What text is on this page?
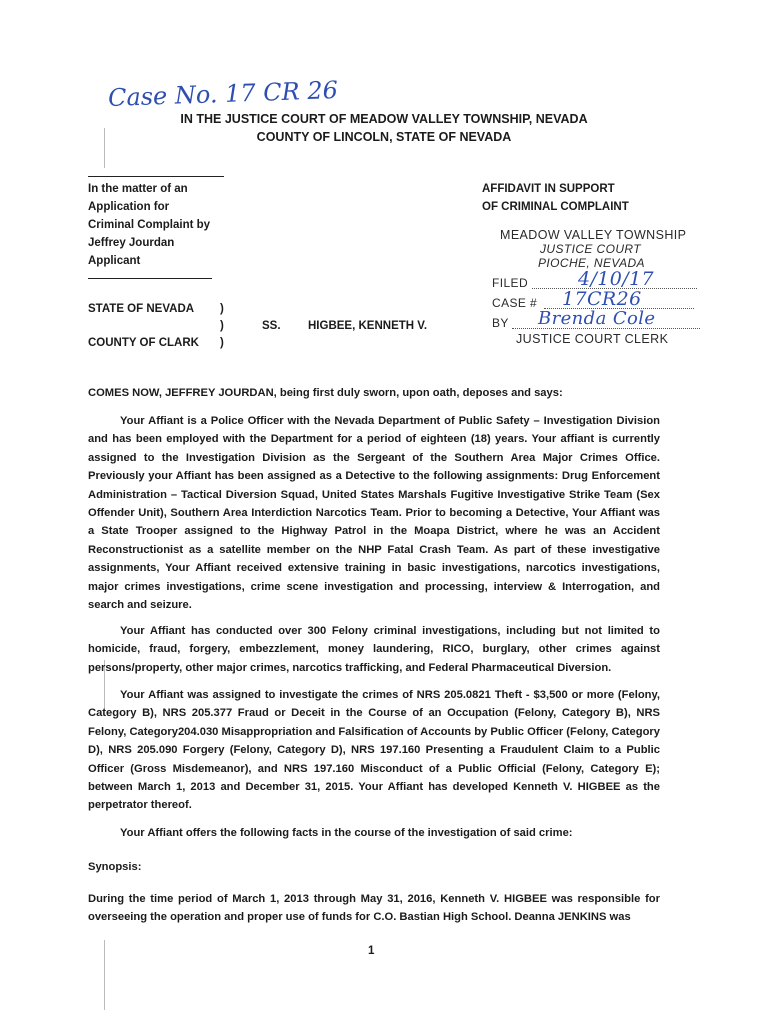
Case No. 17 CR 26
IN THE JUSTICE COURT OF MEADOW VALLEY TOWNSHIP, NEVADA
COUNTY OF LINCOLN, STATE OF NEVADA
In the matter of an
Application for
Criminal Complaint by
Jeffrey Jourdan
Applicant
AFFIDAVIT IN SUPPORT
OF CRIMINAL COMPLAINT
MEADOW VALLEY TOWNSHIP
JUSTICE COURT
PIOCHE, NEVADA
FILED	4/10/17
CASE # 17CR26
BY Brenda Cole
JUSTICE COURT CLERK
STATE OF NEVADA
COUNTY OF CLARK
)
)
)
SS. HIGBEE, KENNETH V.
COMES NOW, JEFFREY JOURDAN, being first duly sworn, upon oath, deposes and says:
Your Affiant is a Police Officer with the Nevada Department of Public Safety – Investigation Division and has been employed with the Department for a period of eighteen (18) years. Your affiant is currently assigned to the Investigation Division as the Sergeant of the Southern Area Major Crimes Office. Previously your Affiant has been assigned as a Detective to the following assignments: Drug Enforcement Administration – Tactical Diversion Squad, United States Marshals Fugitive Investigative Strike Team (Sex Offender Unit), Southern Area Interdiction Narcotics Team. Prior to becoming a Detective, Your Affiant was a State Trooper assigned to the Highway Patrol in the Moapa District, where he was an Accident Reconstructionist as a satellite member on the NHP Fatal Crash Team. As part of these investigative assignments, Your Affiant received extensive training in basic investigations, narcotics investigations, major crimes investigations, crime scene investigation and processing, interview & Interrogation, and search and seizure.
Your Affiant has conducted over 300 Felony criminal investigations, including but not limited to homicide, fraud, forgery, embezzlement, money laundering, RICO, burglary, other crimes against persons/property, other major crimes, narcotics trafficking, and Federal Pharmaceutical Diversion.
Your Affiant was assigned to investigate the crimes of NRS 205.0821 Theft - $3,500 or more (Felony, Category B), NRS 205.377 Fraud or Deceit in the Course of an Occupation (Felony, Category B), NRS Felony, Category204.030 Misappropriation and Falsification of Accounts by Public Officer (Felony, Category D), NRS 205.090 Forgery (Felony, Category D), NRS 197.160 Presenting a Fraudulent Claim to a Public Officer (Gross Misdemeanor), and NRS 197.160 Misconduct of a Public Official (Felony, Category E); between March 1, 2013 and December 31, 2015. Your Affiant has developed Kenneth V. HIGBEE as the perpetrator thereof.
Your Affiant offers the following facts in the course of the investigation of said crime:
Synopsis:
During the time period of March 1, 2013 through May 31, 2016, Kenneth V. HIGBEE was responsible for overseeing the operation and proper use of funds for C.O. Bastian High School. Deanna JENKINS was
1
